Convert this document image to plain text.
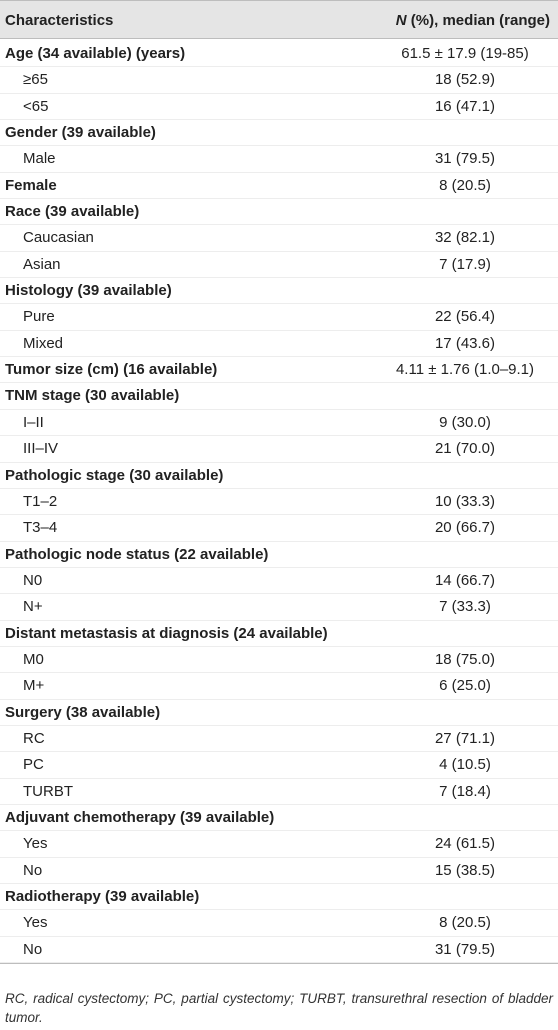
Characteristics	N (%), median (range)
Age (34 available) (years)	61.5 ± 17.9 (19-85)
≥65	18 (52.9)
<65	16 (47.1)
Gender (39 available)
Male	31 (79.5)
Female	8 (20.5)
Race (39 available)
Caucasian	32 (82.1)
Asian	7 (17.9)
Histology (39 available)
Pure	22 (56.4)
Mixed	17 (43.6)
Tumor size (cm) (16 available)	4.11 ± 1.76 (1.0–9.1)
TNM stage (30 available)
I–II	9 (30.0)
III–IV	21 (70.0)
Pathologic stage (30 available)
T1–2	10 (33.3)
T3–4	20 (66.7)
Pathologic node status (22 available)
N0	14 (66.7)
N+	7 (33.3)
Distant metastasis at diagnosis (24 available)
M0	18 (75.0)
M+	6 (25.0)
Surgery (38 available)
RC	27 (71.1)
PC	4 (10.5)
TURBT	7 (18.4)
Adjuvant chemotherapy (39 available)
Yes	24 (61.5)
No	15 (38.5)
Radiotherapy (39 available)
Yes	8 (20.5)
No	31 (79.5)
RC, radical cystectomy; PC, partial cystectomy; TURBT, transurethral resection of bladder tumor.
